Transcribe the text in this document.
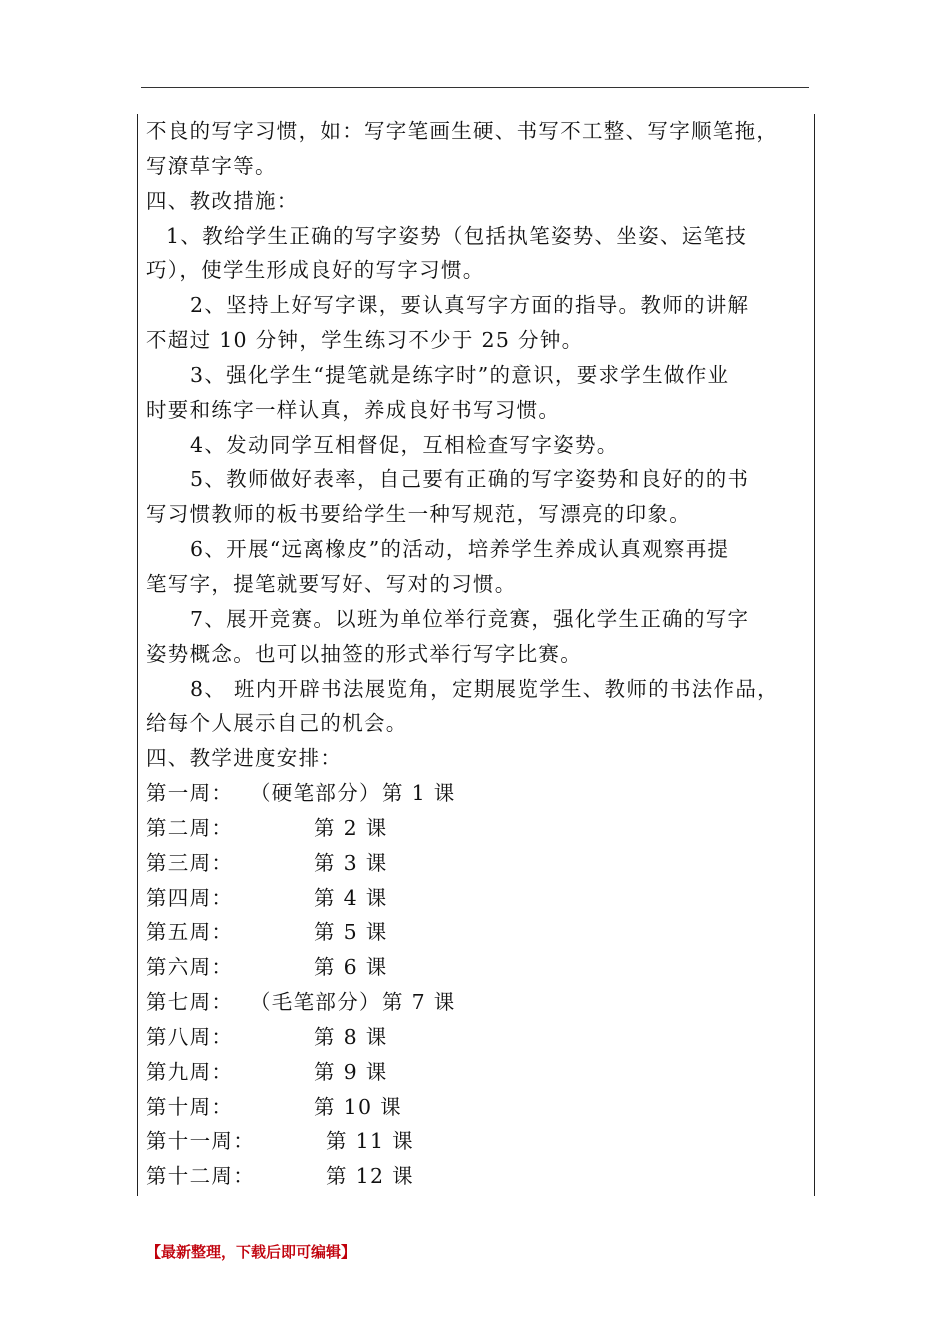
不良的写字习惯，如：写字笔画生硬、书写不工整、写字顺笔拖，
写潦草字等。
四、教改措施：
1、教给学生正确的写字姿势（包括执笔姿势、坐姿、运笔技
巧），使学生形成良好的写字习惯。
2、坚持上好写字课，要认真写字方面的指导。教师的讲解
不超过 10 分钟，学生练习不少于 25 分钟。
3、强化学生“提笔就是练字时”的意识，要求学生做作业
时要和练字一样认真，养成良好书写习惯。
4、发动同学互相督促，互相检查写字姿势。
5、教师做好表率，自己要有正确的写字姿势和良好的的书
写习惯教师的板书要给学生一种写规范，写漂亮的印象。
6、开展“远离橡皮”的活动，培养学生养成认真观察再提
笔写字，提笔就要写好、写对的习惯。
7、展开竞赛。以班为单位举行竞赛，强化学生正确的写字
姿势概念。也可以抽签的形式举行写字比赛。
8、 班内开辟书法展览角，定期展览学生、教师的书法作品，
给每个人展示自己的机会。
四、教学进度安排：
第一周： （硬笔部分） 第 1 课
第二周：	第 2 课
第三周：	第 3 课
第四周：	第 4 课
第五周：	第 5 课
第六周：	第 6 课
第七周： （毛笔部分） 第 7 课
第八周：	第 8 课
第九周：	第 9 课
第十周：	第 10 课
第十一周：	第 11 课
第十二周：	第 12 课
【最新整理，下载后即可编辑】
